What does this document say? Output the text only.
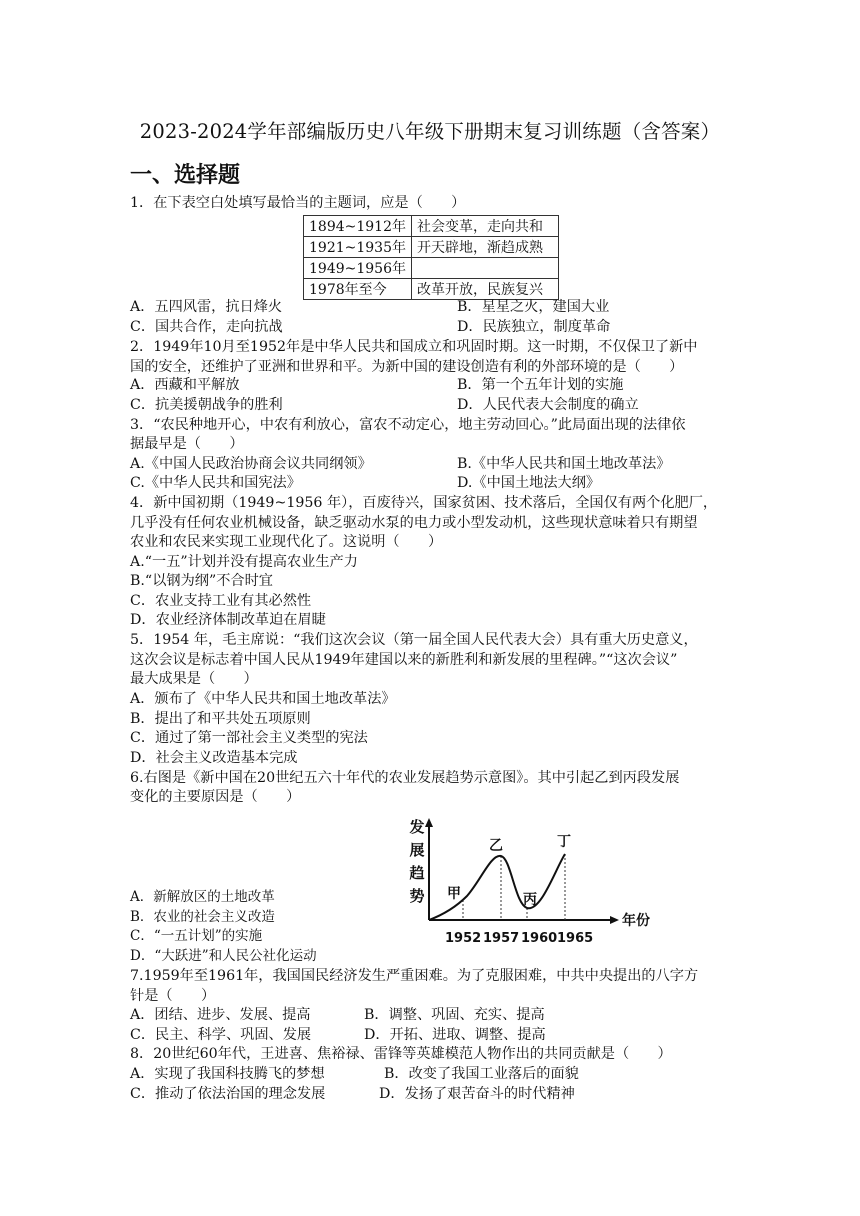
2023-2024学年部编版历史八年级下册期末复习训练题（含答案）
一、选择题
1．在下表空白处填写最恰当的主题词，应是（　　）
1894~1912年	社会变革，走向共和
1921~1935年	开天辟地，渐趋成熟
1949~1956年	
1978年至今	改革开放，民族复兴
A．五四风雷，抗日烽火	B．星星之火，建国大业
C．国共合作，走向抗战	D．民族独立，制度革命
2．1949年10月至1952年是中华人民共和国成立和巩固时期。这一时期，不仅保卫了新中
国的安全，还维护了亚洲和世界和平。为新中国的建设创造有利的外部环境的是（　　）
A．西藏和平解放	B．第一个五年计划的实施
C．抗美援朝战争的胜利	D．人民代表大会制度的确立
3．“农民种地开心，中农有利放心，富农不动定心，地主劳动回心。”此局面出现的法律依
据最早是（　　）
A.《中国人民政治协商会议共同纲领》	B.《中华人民共和国土地改革法》
C.《中华人民共和国宪法》	D.《中国土地法大纲》
4．新中国初期（1949~1956 年），百废待兴，国家贫困、技术落后，全国仅有两个化肥厂，
几乎没有任何农业机械设备，缺乏驱动水泵的电力或小型发动机，这些现状意味着只有期望
农业和农民来实现工业现代化了。这说明（　　）
A.“一五”计划并没有提高农业生产力
B.“以钢为纲”不合时宜
C．农业支持工业有其必然性
D．农业经济体制改革迫在眉睫
5．1954 年，毛主席说：“我们这次会议（第一届全国人民代表大会）具有重大历史意义，
这次会议是标志着中国人民从1949年建国以来的新胜利和新发展的里程碑。”“这次会议”
最大成果是（　　）
A．颁布了《中华人民共和国土地改革法》
B．提出了和平共处五项原则
C．通过了第一部社会主义类型的宪法
D．社会主义改造基本完成
6.右图是《新中国在20世纪五六十年代的农业发展趋势示意图》。其中引起乙到丙段发展
变化的主要原因是（　　）
发
展
趋
势
年份
甲
乙
丙
丁
1952 1957 1960 1965
A．新解放区的土地改革
B．农业的社会主义改造
C．“一五计划”的实施
D．“大跃进”和人民公社化运动
7.1959年至1961年，我国国民经济发生严重困难。为了克服困难，中共中央提出的八字方
针是（　　）
A．团结、进步、发展、提高	B．调整、巩固、充实、提高
C．民主、科学、巩固、发展	D．开拓、进取、调整、提高
8．20世纪60年代，王进喜、焦裕禄、雷锋等英雄模范人物作出的共同贡献是（　　）
A．实现了我国科技腾飞的梦想	B．改变了我国工业落后的面貌
C．推动了依法治国的理念发展	D．发扬了艰苦奋斗的时代精神
